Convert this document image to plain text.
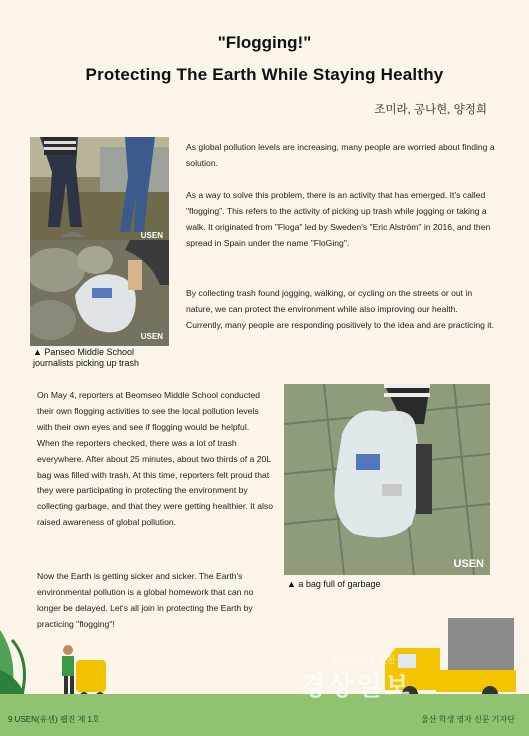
"Flogging!"
Protecting The Earth While Staying Healthy
조미라, 공나현, 양정희
USEN
USEN
▲ Panseo Middle School journalists picking up trash

As global pollution levels are increasing, many people are worried about finding a solution.

As a way to solve this problem, there is an activity that has emerged. It's called "flogging". This refers to the activity of picking up trash while jogging or taking a walk. It originated from "Floga" led by Sweden's "Eric Alström" in 2016, and then spread in Spain under the name "FloGing".

By collecting trash found jogging, walking, or cycling on the streets or out in nature, we can protect the environment while also improving our health. Currently, many people are responding positively to the idea and are practicing it.

On May 4, reporters at Beomseo Middle School conducted their own flogging activities to see the local pollution levels with their own eyes and see if flogging would be helpful. When the reporters checked, there was a lot of trash everywhere. After about 25 minutes, about two thirds of a 20L bag was filled with trash. At this time, reporters felt proud that they were participating in protecting the environment by collecting garbage, and that they were getting healthier. It also raised awareness of global pollution.

Now the Earth is getting sicker and sicker. The Earth's environmental pollution is a global homework that can no longer be delayed. Let's all join in protecting the Earth by practicing "flogging"!

USEN
▲ a bag full of garbage
울산의 대표 신문
경상일보
9 USEN(유센) 웹진 제 1호	울산 학생 영자 신문 기자단
